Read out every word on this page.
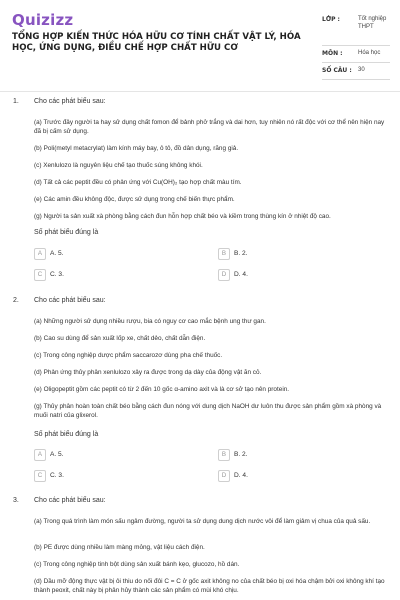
Quizizz
TỔNG HỢP KIẾN THỨC HÓA HỮU CƠ TÍNH CHẤT VẬT LÝ, HÓA HỌC, ỨNG DỤNG, ĐIỀU CHẾ HỢP CHẤT HỮU CƠ
LỚP :	Tốt nghiệp THPT
MÔN :	Hóa học
SỐ CÂU : 30
1. Cho các phát biểu sau:
(a) Trước đây người ta hay sử dụng chất fomon để bảnh phở trắng và dai hơn, tuy nhiên nó rất độc với cơ thể nên hiện nay đã bị cấm sử dụng.
(b) Poli(metyl metacrylat) làm kính máy bay, ô tô, đồ dân dụng, răng giả.
(c) Xenlulozo là nguyên liệu chế tạo thuốc súng không khói.
(d) Tất cả các peptit đều có phản ứng với Cu(OH)₂ tạo hợp chất màu tím.
(e) Các amin đều không độc, được sử dụng trong chế biến thực phẩm.
(g) Người ta sản xuất xà phòng bằng cách đun hỗn hợp chất béo và kiềm trong thùng kín ở nhiệt độ cao.
Số phát biểu đúng là
A	A. 5.	B	B. 2.
C	C. 3.	D	D. 4.
2. Cho các phát biểu sau:
(a) Những người sử dụng nhiều rượu, bia có nguy cơ cao mắc bệnh ung thư gan.
(b) Cao su dùng để sản xuất lốp xe, chất dẻo, chất dẫn điện.
(c) Trong công nghiệp dược phẩm saccarozơ dùng pha chế thuốc.
(d) Phản ứng thủy phân xenlulozo xảy ra được trong dạ dày của động vật ăn cỏ.
(e) Oligopeptit gồm các peptit có từ 2 đến 10 gốc α-amino axit và là cơ sở tạo nên protein.
(g) Thủy phân hoàn toàn chất béo bằng cách đun nóng với dung dịch NaOH dư luôn thu được sản phẩm gồm xà phòng và muối natri của glixerol.
Số phát biểu đúng là
A	A. 5.	B	B. 2.
C	C. 3.	D	D. 4.
3. Cho các phát biểu sau:
(a) Trong quá trình làm món sấu ngâm đường, người ta sử dụng dung dịch nước vôi để làm giảm vị chua của quả sấu.
(b) PE được dùng nhiều làm màng mỏng, vật liệu cách điện.
(c) Trong công nghiệp tinh bột dùng sản xuất bánh kẹo, glucozo, hồ dán.
(d) Dầu mỡ động thực vật bị ôi thiu do nối đôi C = C ở gốc axit không no của chất béo bị oxi hóa chậm bởi oxi không khí tạo thành peoxit, chất này bị phân hủy thành các sản phẩm có mùi khó chịu.
